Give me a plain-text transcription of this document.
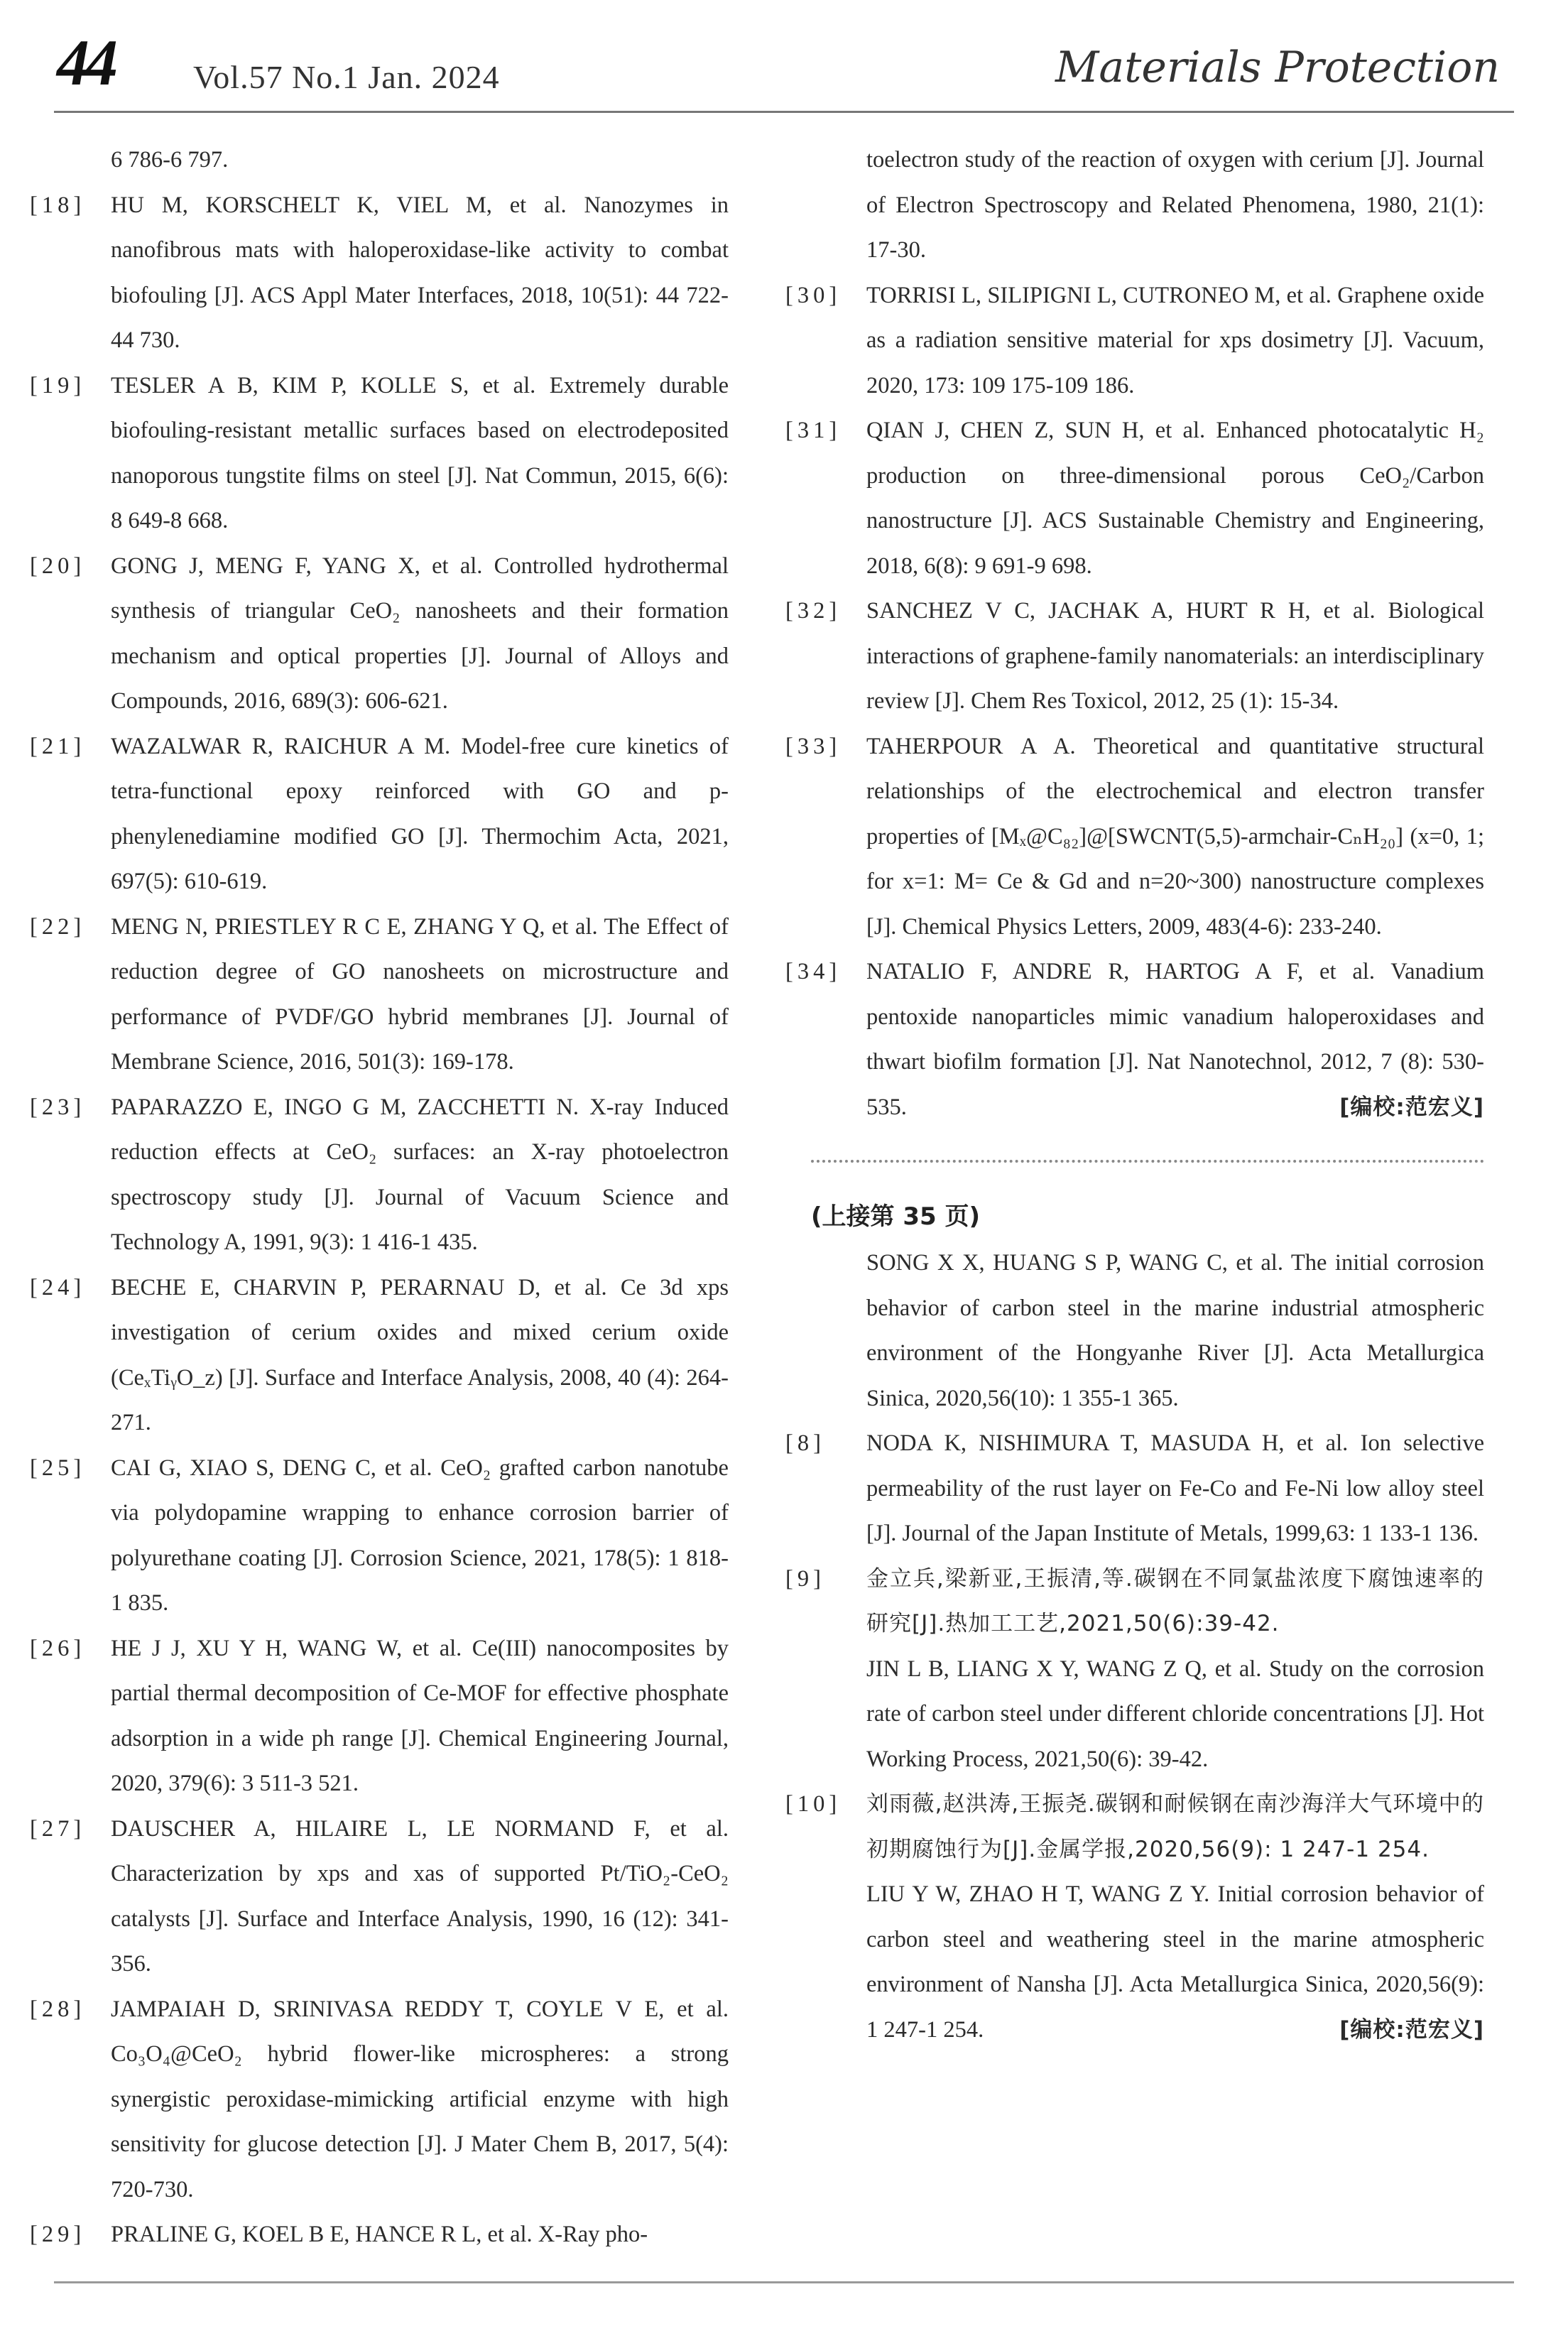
44 Vol.57 No.1 Jan. 2024	Materials Protection
6 786-6 797.
[18]	HU M, KORSCHELT K, VIEL M, et al. Nanozymes in nanofibrous mats with haloperoxidase-like activity to combat biofouling [J]. ACS Appl Mater Interfaces, 2018, 10(51): 44 722-44 730.
[19]	TESLER A B, KIM P, KOLLE S, et al. Extremely durable biofouling-resistant metallic surfaces based on electrodeposited nanoporous tungstite films on steel [J]. Nat Commun, 2015, 6(6): 8 649-8 668.
[20]	GONG J, MENG F, YANG X, et al. Controlled hydrothermal synthesis of triangular CeO₂ nanosheets and their formation mechanism and optical properties [J]. Journal of Alloys and Compounds, 2016, 689(3): 606-621.
[21]	WAZALWAR R, RAICHUR A M. Model-free cure kinetics of tetra-functional epoxy reinforced with GO and p-phenylenediamine modified GO [J]. Thermochim Acta, 2021, 697(5): 610-619.
[22]	MENG N, PRIESTLEY R C E, ZHANG Y Q, et al. The Effect of reduction degree of GO nanosheets on microstructure and performance of PVDF/GO hybrid membranes [J]. Journal of Membrane Science, 2016, 501(3): 169-178.
[23]	PAPARAZZO E, INGO G M, ZACCHETTI N. X-ray Induced reduction effects at CeO₂ surfaces: an X-ray photoelectron spectroscopy study [J]. Journal of Vacuum Science and Technology A, 1991, 9(3): 1 416-1 435.
[24]	BECHE E, CHARVIN P, PERARNAU D, et al. Ce 3d xps investigation of cerium oxides and mixed cerium oxide (CeₓTiᵧO_z) [J]. Surface and Interface Analysis, 2008, 40 (4): 264-271.
[25]	CAI G, XIAO S, DENG C, et al. CeO₂ grafted carbon nanotube via polydopamine wrapping to enhance corrosion barrier of polyurethane coating [J]. Corrosion Science, 2021, 178(5): 1 818-1 835.
[26]	HE J J, XU Y H, WANG W, et al. Ce(III) nanocomposites by partial thermal decomposition of Ce-MOF for effective phosphate adsorption in a wide ph range [J]. Chemical Engineering Journal, 2020, 379(6): 3 511-3 521.
[27]	DAUSCHER A, HILAIRE L, LE NORMAND F, et al. Characterization by xps and xas of supported Pt/TiO₂-CeO₂ catalysts [J]. Surface and Interface Analysis, 1990, 16 (12): 341-356.
[28]	JAMPAIAH D, SRINIVASA REDDY T, COYLE V E, et al. Co₃O₄@CeO₂ hybrid flower-like microspheres: a strong synergistic peroxidase-mimicking artificial enzyme with high sensitivity for glucose detection [J]. J Mater Chem B, 2017, 5(4): 720-730.
[29]	PRALINE G, KOEL B E, HANCE R L, et al. X-Ray pho-
toelectron study of the reaction of oxygen with cerium [J]. Journal of Electron Spectroscopy and Related Phenomena, 1980, 21(1): 17-30.
[30]	TORRISI L, SILIPIGNI L, CUTRONEO M, et al. Graphene oxide as a radiation sensitive material for xps dosimetry [J]. Vacuum, 2020, 173: 109 175-109 186.
[31]	QIAN J, CHEN Z, SUN H, et al. Enhanced photocatalytic H₂ production on three-dimensional porous CeO₂/Carbon nanostructure [J]. ACS Sustainable Chemistry and Engineering, 2018, 6(8): 9 691-9 698.
[32]	SANCHEZ V C, JACHAK A, HURT R H, et al. Biological interactions of graphene-family nanomaterials: an interdisciplinary review [J]. Chem Res Toxicol, 2012, 25 (1): 15-34.
[33]	TAHERPOUR A A. Theoretical and quantitative structural relationships of the electrochemical and electron transfer properties of [Mₓ@C₈₂]@[SWCNT(5,5)-armchair-CₙH₂₀] (x=0, 1; for x=1: M= Ce & Gd and n=20~300) nanostructure complexes [J]. Chemical Physics Letters, 2009, 483(4-6): 233-240.
[34]	NATALIO F, ANDRE R, HARTOG A F, et al. Vanadium pentoxide nanoparticles mimic vanadium haloperoxidases and thwart biofilm formation [J]. Nat Nanotechnol, 2012, 7 (8): 530-535.	[编校:范宏义]
(上接第 35 页)
SONG X X, HUANG S P, WANG C, et al. The initial corrosion behavior of carbon steel in the marine industrial atmospheric environment of the Hongyanhe River [J]. Acta Metallurgica Sinica, 2020,56(10): 1 355-1 365.
[8]	NODA K, NISHIMURA T, MASUDA H, et al. Ion selective permeability of the rust layer on Fe-Co and Fe-Ni low alloy steel [J]. Journal of the Japan Institute of Metals, 1999,63: 1 133-1 136.
[9]	金立兵,梁新亚,王振清,等.碳钢在不同氯盐浓度下腐蚀速率的研究[J].热加工工艺,2021,50(6):39-42.
JIN L B, LIANG X Y, WANG Z Q, et al. Study on the corrosion rate of carbon steel under different chloride concentrations [J]. Hot Working Process, 2021,50(6): 39-42.
[10]	刘雨薇,赵洪涛,王振尧.碳钢和耐候钢在南沙海洋大气环境中的初期腐蚀行为[J].金属学报,2020,56(9): 1 247-1 254.
LIU Y W, ZHAO H T, WANG Z Y. Initial corrosion behavior of carbon steel and weathering steel in the marine atmospheric environment of Nansha [J]. Acta Metallurgica Sinica, 2020,56(9): 1 247-1 254.	[编校:范宏义]
